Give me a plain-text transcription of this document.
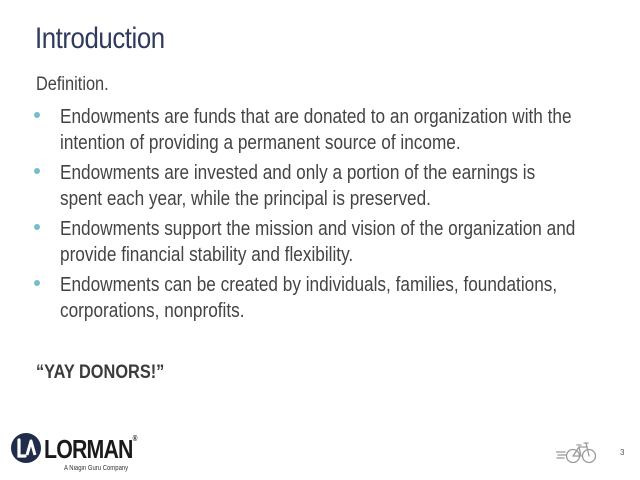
Introduction
Definition.
Endowments are funds that are donated to an organization with the
intention of providing a permanent source of income.
Endowments are invested and only a portion of the earnings is
spent each year, while the principal is preserved.
Endowments support the mission and vision of the organization and
provide financial stability and flexibility.
Endowments can be created by individuals, families, foundations,
corporations, nonprofits.
“YAY DONORS!”
LORMAN®
A Niagin Guru Company
3
